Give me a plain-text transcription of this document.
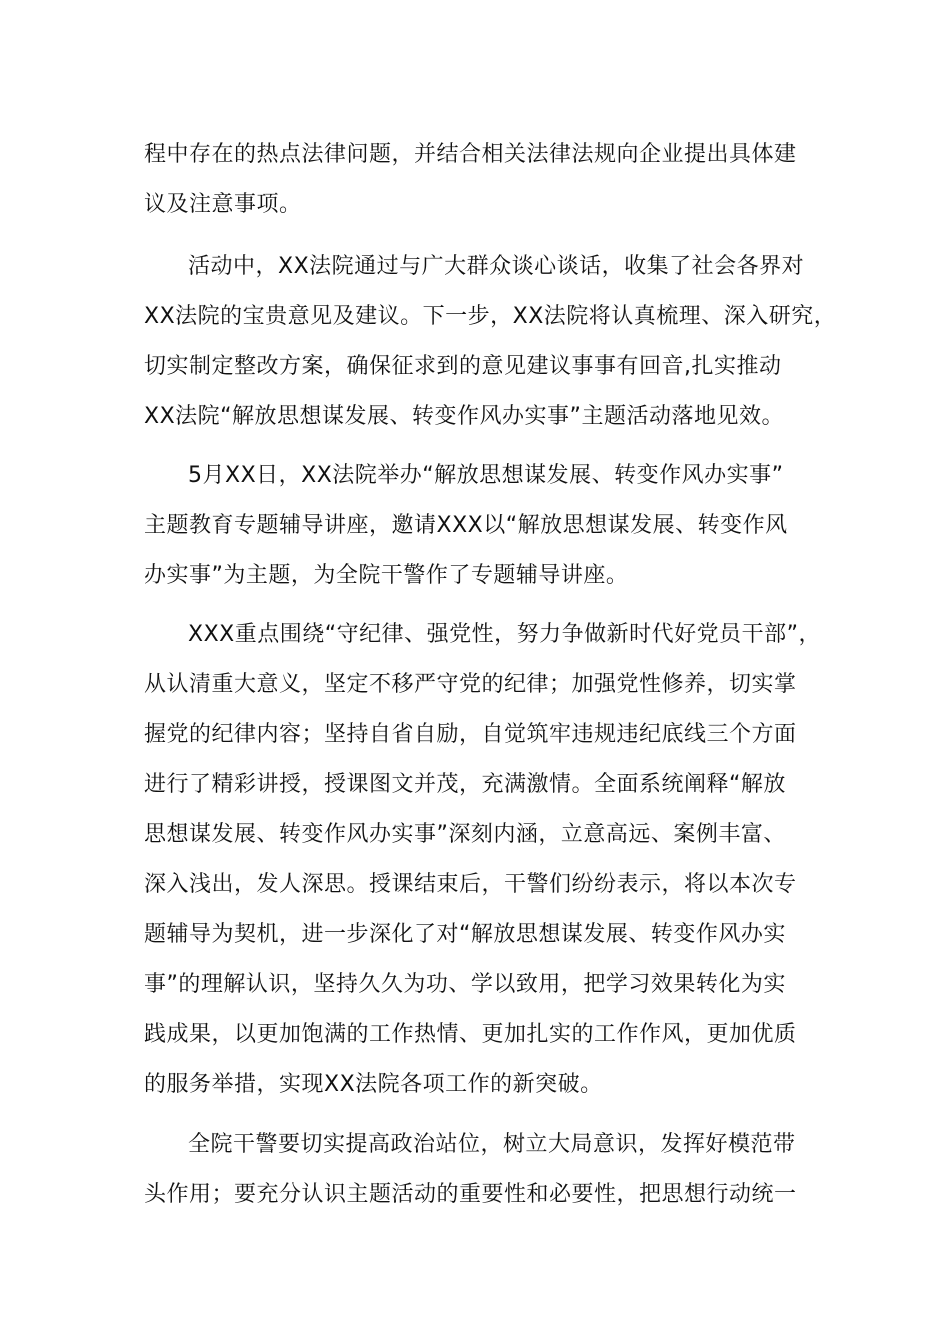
程中存在的热点法律问题，并结合相关法律法规向企业提出具体建
议及注意事项。
活动中，XX法院通过与广大群众谈心谈话，收集了社会各界对
XX法院的宝贵意见及建议。下一步，XX法院将认真梳理、深入研究，
切实制定整改方案，确保征求到的意见建议事事有回音,扎实推动
XX法院“解放思想谋发展、转变作风办实事”主题活动落地见效。
5月XX日，XX法院举办“解放思想谋发展、转变作风办实事”
主题教育专题辅导讲座，邀请XXX以“解放思想谋发展、转变作风
办实事”为主题，为全院干警作了专题辅导讲座。
XXX重点围绕“守纪律、强党性，努力争做新时代好党员干部”，
从认清重大意义，坚定不移严守党的纪律；加强党性修养，切实掌
握党的纪律内容；坚持自省自励，自觉筑牢违规违纪底线三个方面
进行了精彩讲授，授课图文并茂，充满激情。全面系统阐释“解放
思想谋发展、转变作风办实事”深刻内涵，立意高远、案例丰富、
深入浅出，发人深思。授课结束后，干警们纷纷表示，将以本次专
题辅导为契机，进一步深化了对“解放思想谋发展、转变作风办实
事”的理解认识，坚持久久为功、学以致用，把学习效果转化为实
践成果，以更加饱满的工作热情、更加扎实的工作作风，更加优质
的服务举措，实现XX法院各项工作的新突破。
全院干警要切实提高政治站位，树立大局意识，发挥好模范带
头作用；要充分认识主题活动的重要性和必要性，把思想行动统一
